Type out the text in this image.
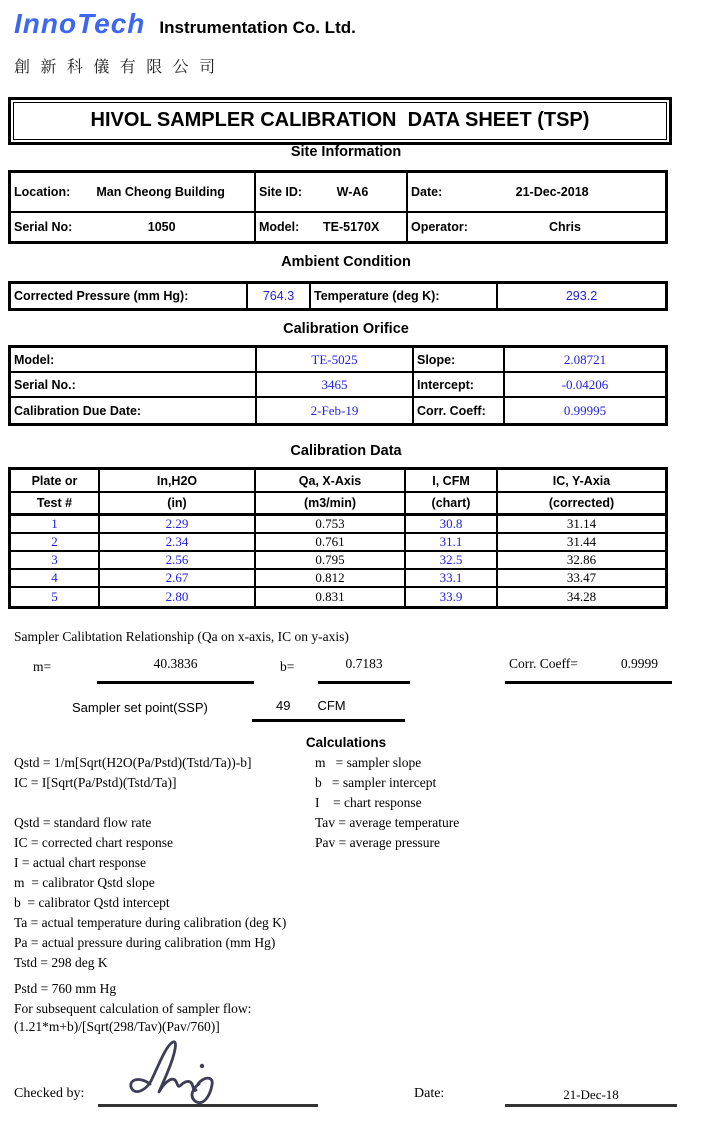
InnoTech Instrumentation Co. Ltd.
創 新 科 儀 有 限 公 司
HIVOL SAMPLER CALIBRATION  DATA SHEET (TSP)
Site Information
Location:	Man Cheong Building	Site ID:	W-A6	Date:	21-Dec-2018
Serial No:	1050	Model:	TE-5170X	Operator:	Chris
Ambient Condition
Corrected Pressure (mm Hg):	764.3	Temperature (deg K):	293.2
Calibration Orifice
Model:	TE-5025	Slope:	2.08721
Serial No.:	3465	Intercept:	-0.04206
Calibration Due Date:	2-Feb-19	Corr. Coeff:	0.99995
Calibration Data
Plate or	In,H2O	Qa, X-Axis	I, CFM	IC, Y-Axia
Test #	(in)	(m3/min)	(chart)	(corrected)
1	2.29	0.753	30.8	31.14
2	2.34	0.761	31.1	31.44
3	2.56	0.795	32.5	32.86
4	2.67	0.812	33.1	33.47
5	2.80	0.831	33.9	34.28
Sampler Calibtation Relationship (Qa on x-axis, IC on y-axis)
m=	40.3836	b=	0.7183	Corr. Coeff=	0.9999
Sampler set point(SSP)	49 CFM
Calculations
Qstd = 1/m[Sqrt(H2O(Pa/Pstd)(Tstd/Ta))-b]
IC = I[Sqrt(Pa/Pstd)(Tstd/Ta)]
m   = sampler slope
b   = sampler intercept
I    = chart response
Tav = average temperature
Pav = average pressure
Qstd = standard flow rate
IC = corrected chart response
I = actual chart response
m  = calibrator Qstd slope
b  = calibrator Qstd intercept
Ta = actual temperature during calibration (deg K)
Pa = actual pressure during calibration (mm Hg)
Tstd = 298 deg K
Pstd = 760 mm Hg
For subsequent calculation of sampler flow:
(1.21*m+b)/[Sqrt(298/Tav)(Pav/760)]
Checked by:	Date:	21-Dec-18
